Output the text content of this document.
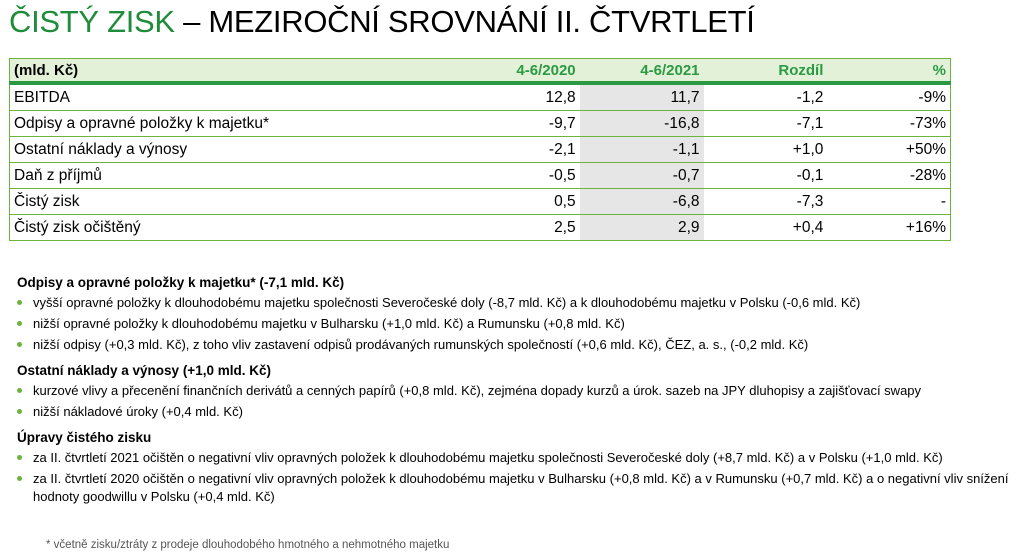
ČISTÝ ZISK – MEZIROČNÍ SROVNÁNÍ II. ČTVRTLETÍ
(mld. Kč)	4-6/2020	4-6/2021	Rozdíl	%
EBITDA	12,8	11,7	-1,2	-9%
Odpisy a opravné položky k majetku*	-9,7	-16,8	-7,1	-73%
Ostatní náklady a výnosy	-2,1	-1,1	+1,0	+50%
Daň z příjmů	-0,5	-0,7	-0,1	-28%
Čistý zisk	0,5	-6,8	-7,3	-
Čistý zisk očištěný	2,5	2,9	+0,4	+16%
Odpisy a opravné položky k majetku* (-7,1 mld. Kč)
vyšší opravné položky k dlouhodobému majetku společnosti Severočeské doly (-8,7 mld. Kč) a k dlouhodobému majetku v Polsku (-0,6 mld. Kč)
nižší opravné položky k dlouhodobému majetku v Bulharsku (+1,0 mld. Kč) a Rumunsku (+0,8 mld. Kč)
nižší odpisy (+0,3 mld. Kč), z toho vliv zastavení odpisů prodávaných rumunských společností (+0,6 mld. Kč), ČEZ, a. s., (-0,2 mld. Kč)
Ostatní náklady a výnosy (+1,0 mld. Kč)
kurzové vlivy a přecenění finančních derivátů a cenných papírů (+0,8 mld. Kč), zejména dopady kurzů a úrok. sazeb na JPY dluhopisy a zajišťovací swapy
nižší nákladové úroky (+0,4 mld. Kč)
Úpravy čistého zisku
za II. čtvrtletí 2021 očištěn o negativní vliv opravných položek k dlouhodobému majetku společnosti Severočeské doly (+8,7 mld. Kč) a v Polsku (+1,0 mld. Kč)
za II. čtvrtletí 2020 očištěn o negativní vliv opravných položek k dlouhodobému majetku v Bulharsku (+0,8 mld. Kč) a v Rumunsku (+0,7 mld. Kč) a o negativní vliv snížení hodnoty goodwillu v Polsku (+0,4 mld. Kč)
* včetně zisku/ztráty z prodeje dlouhodobého hmotného a nehmotného majetku
